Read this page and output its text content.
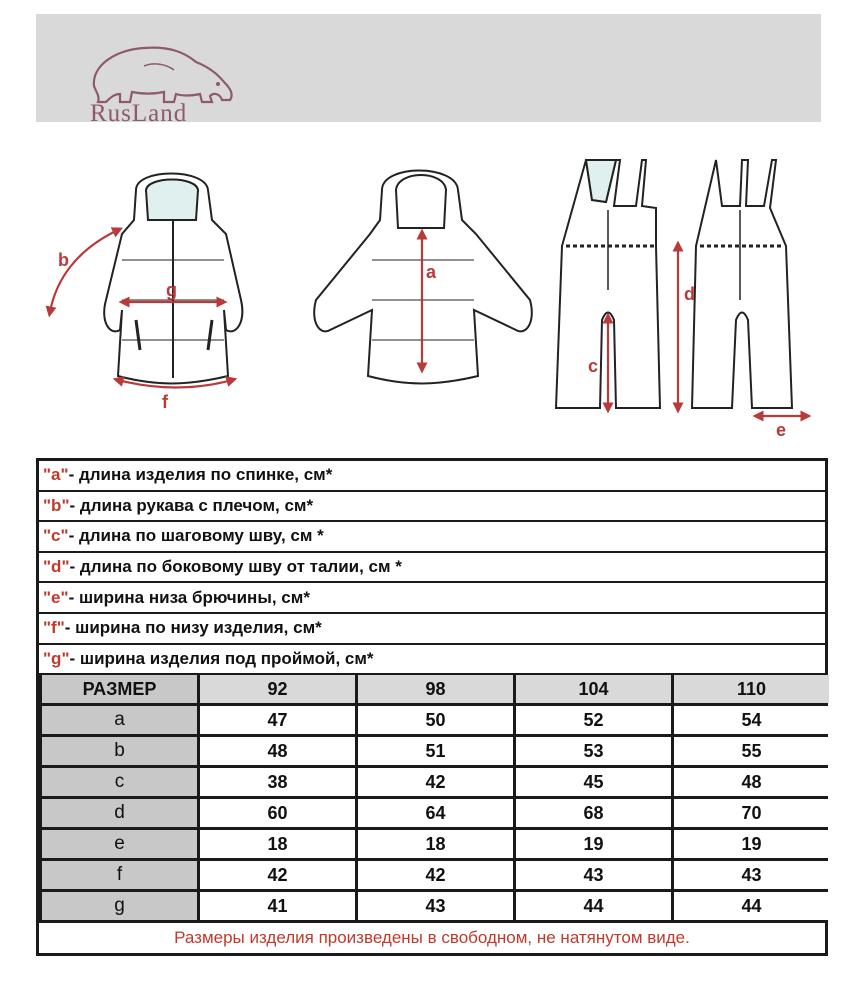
RusLand
b
g
f
a
c
d
e
"a" - длина изделия по спинке, см*
"b" - длина рукава с плечом, см*
"c" - длина по шаговому шву, см *
"d" - длина по боковому шву от талии, см *
"e" - ширина низа брючины, см*
"f" - ширина по низу изделия, см*
"g" - ширина изделия под проймой, см*
РАЗМЕР	92	98	104	110
a	47	50	52	54
b	48	51	53	55
c	38	42	45	48
d	60	64	68	70
e	18	18	19	19
f	42	42	43	43
g	41	43	44	44
Размеры изделия произведены в свободном, не натянутом виде.
